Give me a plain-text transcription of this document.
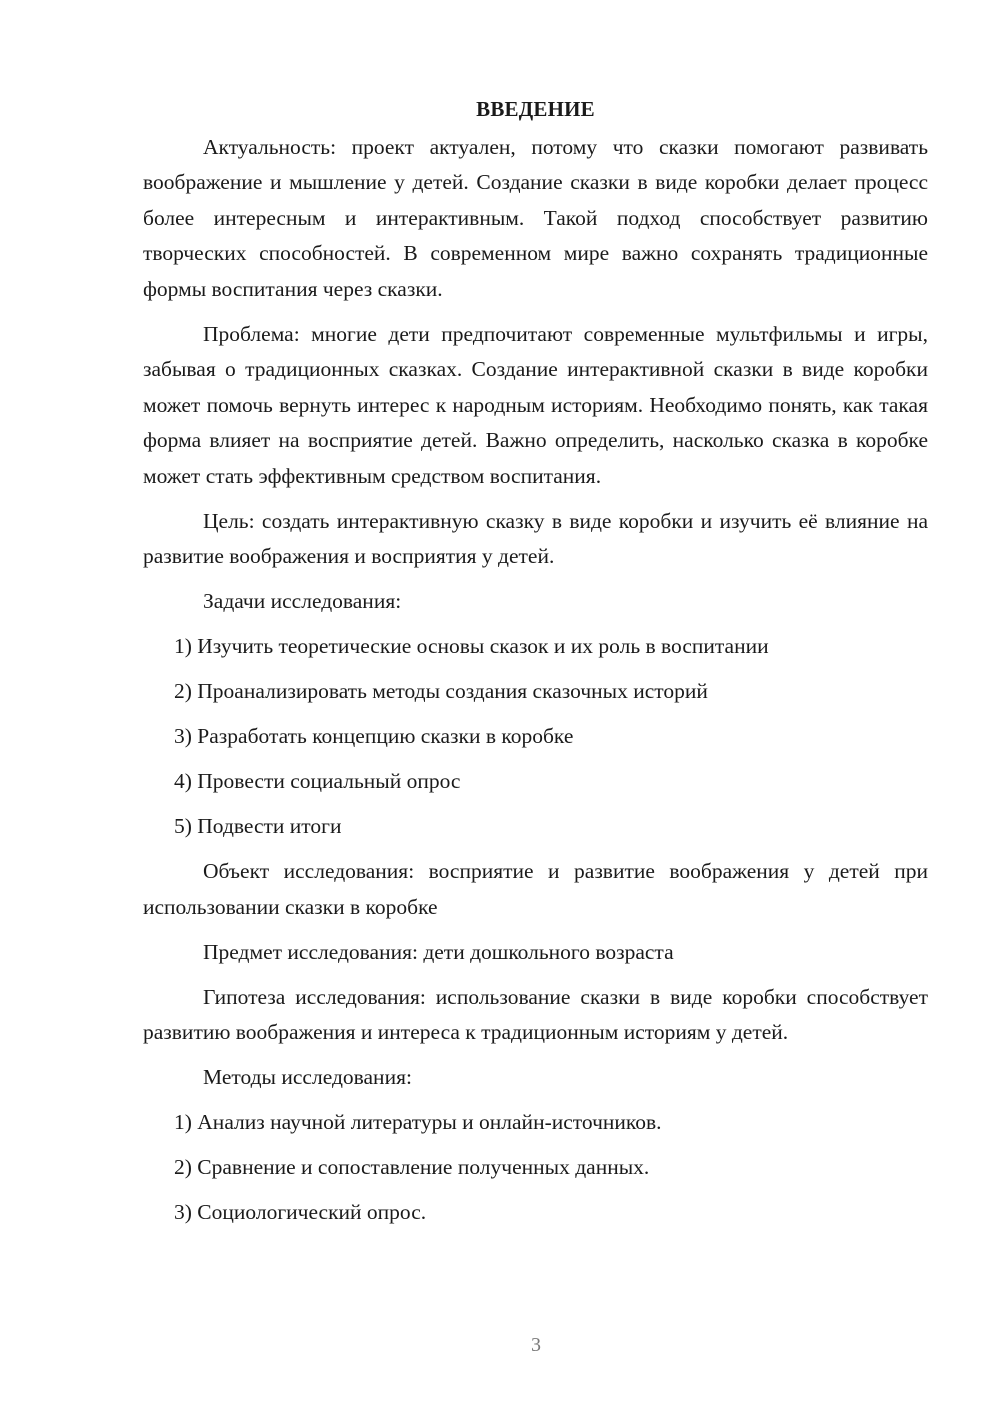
ВВЕДЕНИЕ
Актуальность: проект актуален, потому что сказки помогают развивать воображение и мышление у детей. Создание сказки в виде коробки делает процесс более интересным и интерактивным. Такой подход способствует развитию творческих способностей. В современном мире важно сохранять традиционные формы воспитания через сказки.
Проблема: многие дети предпочитают современные мультфильмы и игры, забывая о традиционных сказках. Создание интерактивной сказки в виде коробки может помочь вернуть интерес к народным историям. Необходимо понять, как такая форма влияет на восприятие детей. Важно определить, насколько сказка в коробке может стать эффективным средством воспитания.
Цель: создать интерактивную сказку в виде коробки и изучить её влияние на развитие воображения и восприятия у детей.
Задачи исследования:
1) Изучить теоретические основы сказок и их роль в воспитании
2) Проанализировать методы создания сказочных историй
3) Разработать концепцию сказки в коробке
4) Провести социальный опрос
5) Подвести итоги
Объект исследования: восприятие и развитие воображения у детей при использовании сказки в коробке
Предмет исследования: дети дошкольного возраста
Гипотеза исследования: использование сказки в виде коробки способствует развитию воображения и интереса к традиционным историям у детей.
Методы исследования:
1) Анализ научной литературы и онлайн-источников.
2) Сравнение и сопоставление полученных данных.
3) Социологический опрос.
3
